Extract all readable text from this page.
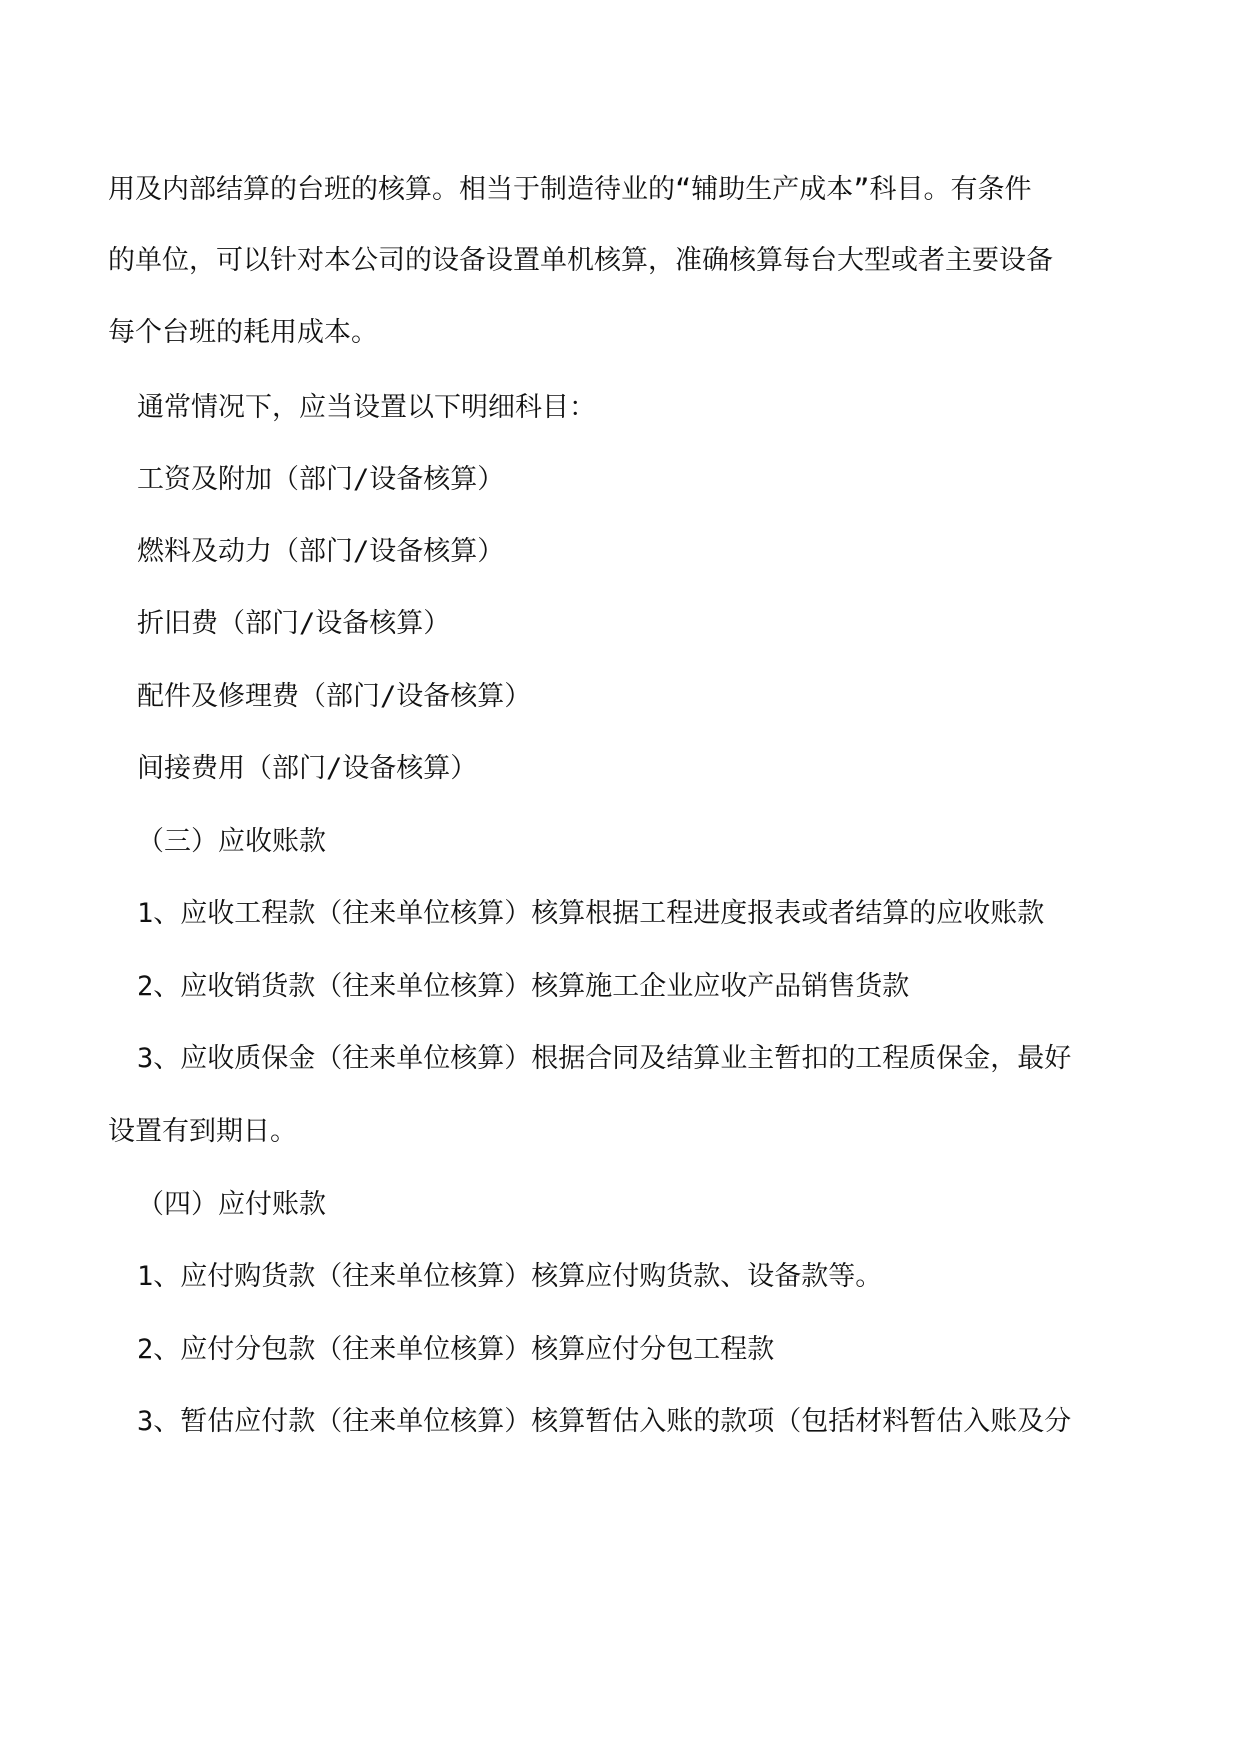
用及内部结算的台班的核算。相当于制造待业的“辅助生产成本”科目。有条件
的单位，可以针对本公司的设备设置单机核算，准确核算每台大型或者主要设备
每个台班的耗用成本。
通常情况下，应当设置以下明细科目：
工资及附加（部门/设备核算）
燃料及动力（部门/设备核算）
折旧费（部门/设备核算）
配件及修理费（部门/设备核算）
间接费用（部门/设备核算）
（三）应收账款
1、应收工程款（往来单位核算）核算根据工程进度报表或者结算的应收账款
2、应收销货款（往来单位核算）核算施工企业应收产品销售货款
3、应收质保金（往来单位核算）根据合同及结算业主暂扣的工程质保金，最好
设置有到期日。
（四）应付账款
1、应付购货款（往来单位核算）核算应付购货款、设备款等。
2、应付分包款（往来单位核算）核算应付分包工程款
3、暂估应付款（往来单位核算）核算暂估入账的款项（包括材料暂估入账及分
